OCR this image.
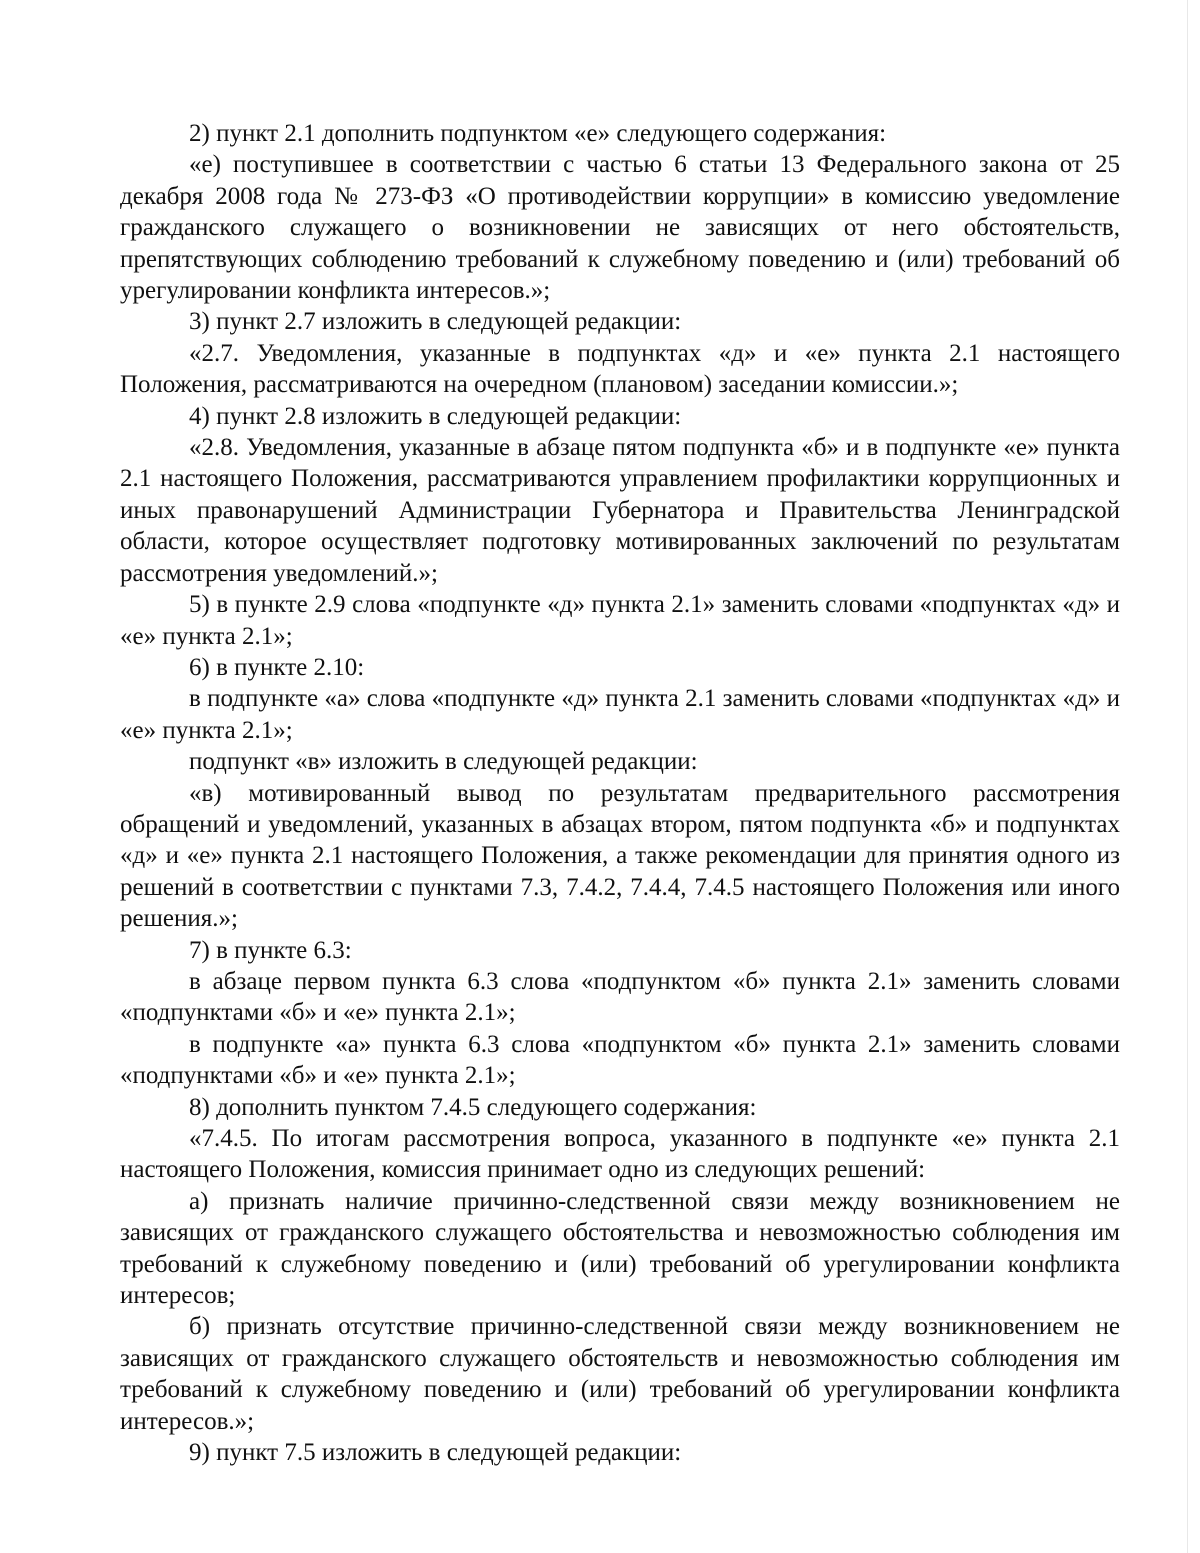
2) пункт 2.1 дополнить подпунктом «е» следующего содержания:

«е) поступившее в соответствии с частью 6 статьи 13 Федерального закона от 25 декабря 2008 года № 273-ФЗ «О противодействии коррупции» в комиссию уведомление гражданского служащего о возникновении не зависящих от него обстоятельств, препятствующих соблюдению требований к служебному поведению и (или) требований об урегулировании конфликта интересов.»;

3) пункт 2.7 изложить в следующей редакции:

«2.7. Уведомления, указанные в подпунктах «д» и «е» пункта 2.1 настоящего Положения, рассматриваются на очередном (плановом) заседании комиссии.»;

4) пункт 2.8 изложить в следующей редакции:

«2.8. Уведомления, указанные в абзаце пятом подпункта «б» и в подпункте «е» пункта 2.1 настоящего Положения, рассматриваются управлением профилактики коррупционных и иных правонарушений Администрации Губернатора и Правительства Ленинградской области, которое осуществляет подготовку мотивированных заключений по результатам рассмотрения уведомлений.»;

5) в пункте 2.9 слова «подпункте «д» пункта 2.1» заменить словами «подпунктах «д» и «е» пункта 2.1»;

6) в пункте 2.10:

в подпункте «а» слова «подпункте «д» пункта 2.1 заменить словами «подпунктах «д» и «е» пункта 2.1»;

подпункт «в» изложить в следующей редакции:

«в) мотивированный вывод по результатам предварительного рассмотрения обращений и уведомлений, указанных в абзацах втором, пятом подпункта «б» и подпунктах «д» и «е» пункта 2.1 настоящего Положения, а также рекомендации для принятия одного из решений в соответствии с пунктами 7.3, 7.4.2, 7.4.4, 7.4.5 настоящего Положения или иного решения.»;

7) в пункте 6.3:

в абзаце первом пункта 6.3 слова «подпунктом «б» пункта 2.1» заменить словами «подпунктами «б» и «е» пункта 2.1»;

в подпункте «а» пункта 6.3 слова «подпунктом «б» пункта 2.1» заменить словами «подпунктами «б» и «е» пункта 2.1»;

8) дополнить пунктом 7.4.5 следующего содержания:

«7.4.5. По итогам рассмотрения вопроса, указанного в подпункте «е» пункта 2.1 настоящего Положения, комиссия принимает одно из следующих решений:

а) признать наличие причинно-следственной связи между возникновением не зависящих от гражданского служащего обстоятельства и невозможностью соблюдения им требований к служебному поведению и (или) требований об урегулировании конфликта интересов;

б) признать отсутствие причинно-следственной связи между возникновением не зависящих от гражданского служащего обстоятельств и невозможностью соблюдения им требований к служебному поведению и (или) требований об урегулировании конфликта интересов.»;

9) пункт 7.5 изложить в следующей редакции:
